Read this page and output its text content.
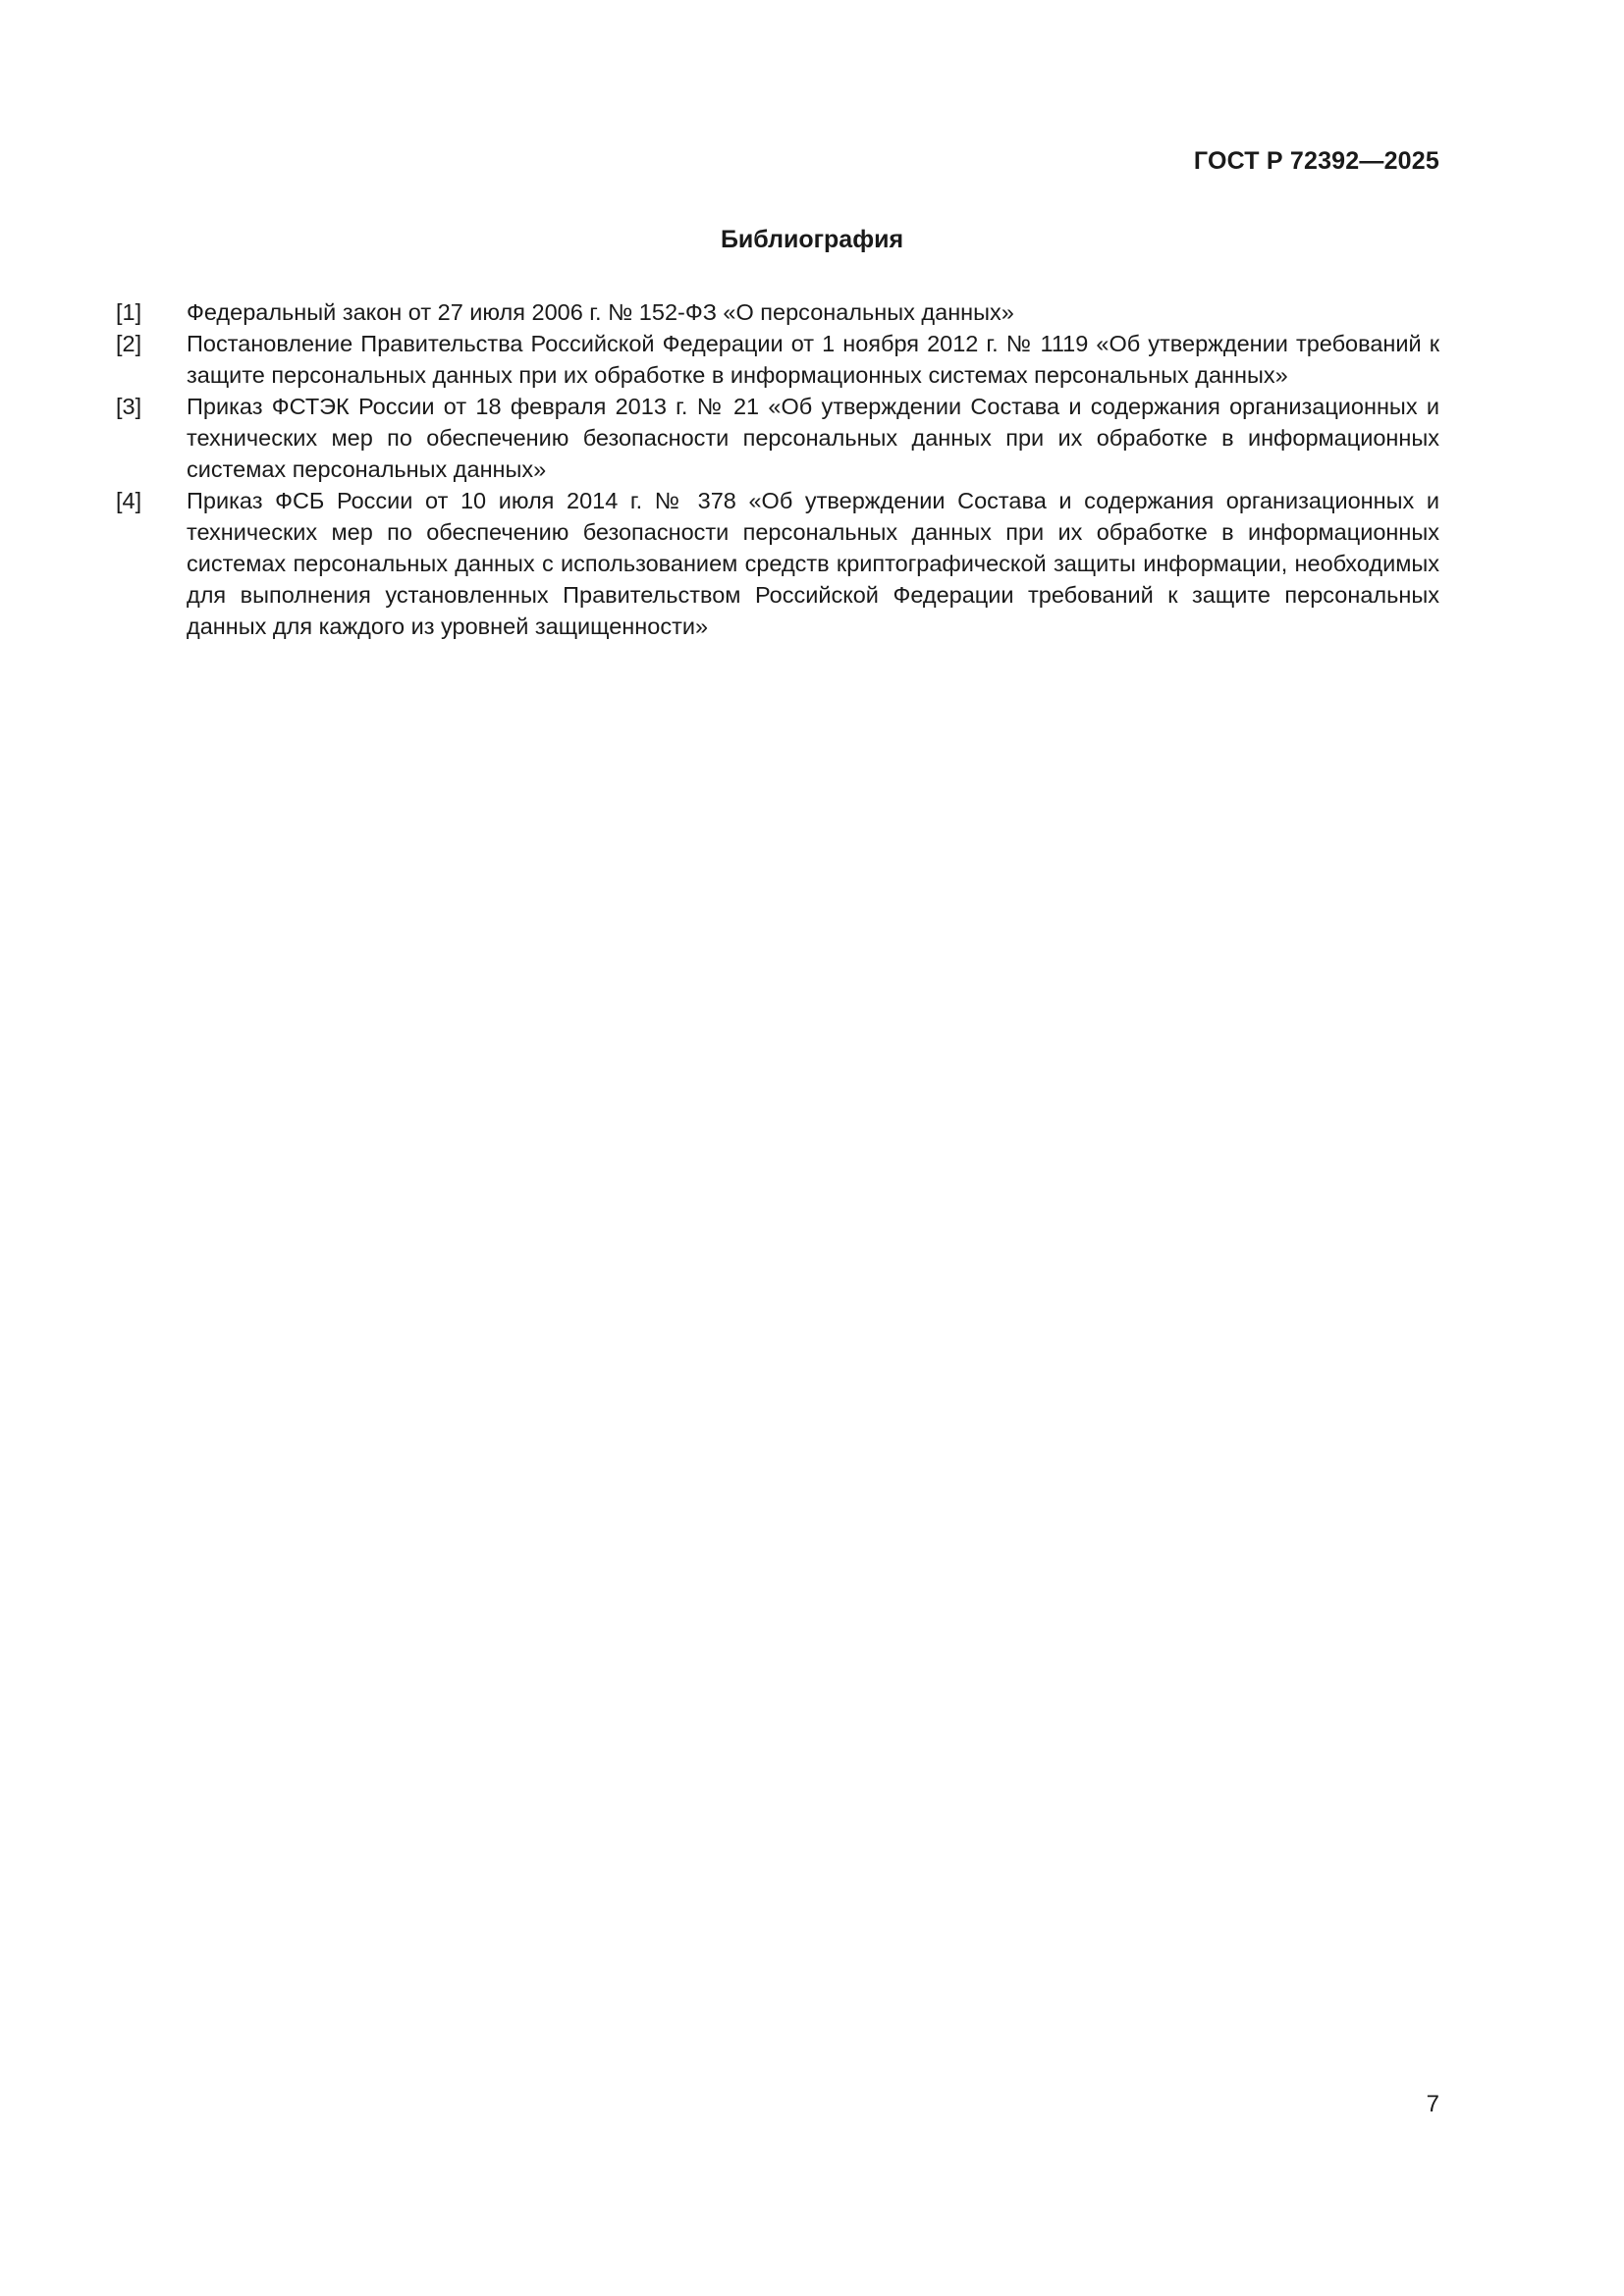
ГОСТ Р 72392—2025
Библиография
[1]	Федеральный закон от 27 июля 2006 г. № 152-ФЗ «О персональных данных»
[2]	Постановление Правительства Российской Федерации от 1 ноября 2012 г. № 1119 «Об утверждении требований к защите персональных данных при их обработке в информационных системах персональных данных»
[3]	Приказ ФСТЭК России от 18 февраля 2013 г. № 21 «Об утверждении Состава и содержания организационных и технических мер по обеспечению безопасности персональных данных при их обработке в информационных системах персональных данных»
[4]	Приказ ФСБ России от 10 июля 2014 г. № 378 «Об утверждении Состава и содержания организационных и технических мер по обеспечению безопасности персональных данных при их обработке в информационных системах персональных данных с использованием средств криптографической защиты информации, необходимых для выполнения установленных Правительством Российской Федерации требований к защите персональных данных для каждого из уровней защищенности»
7
